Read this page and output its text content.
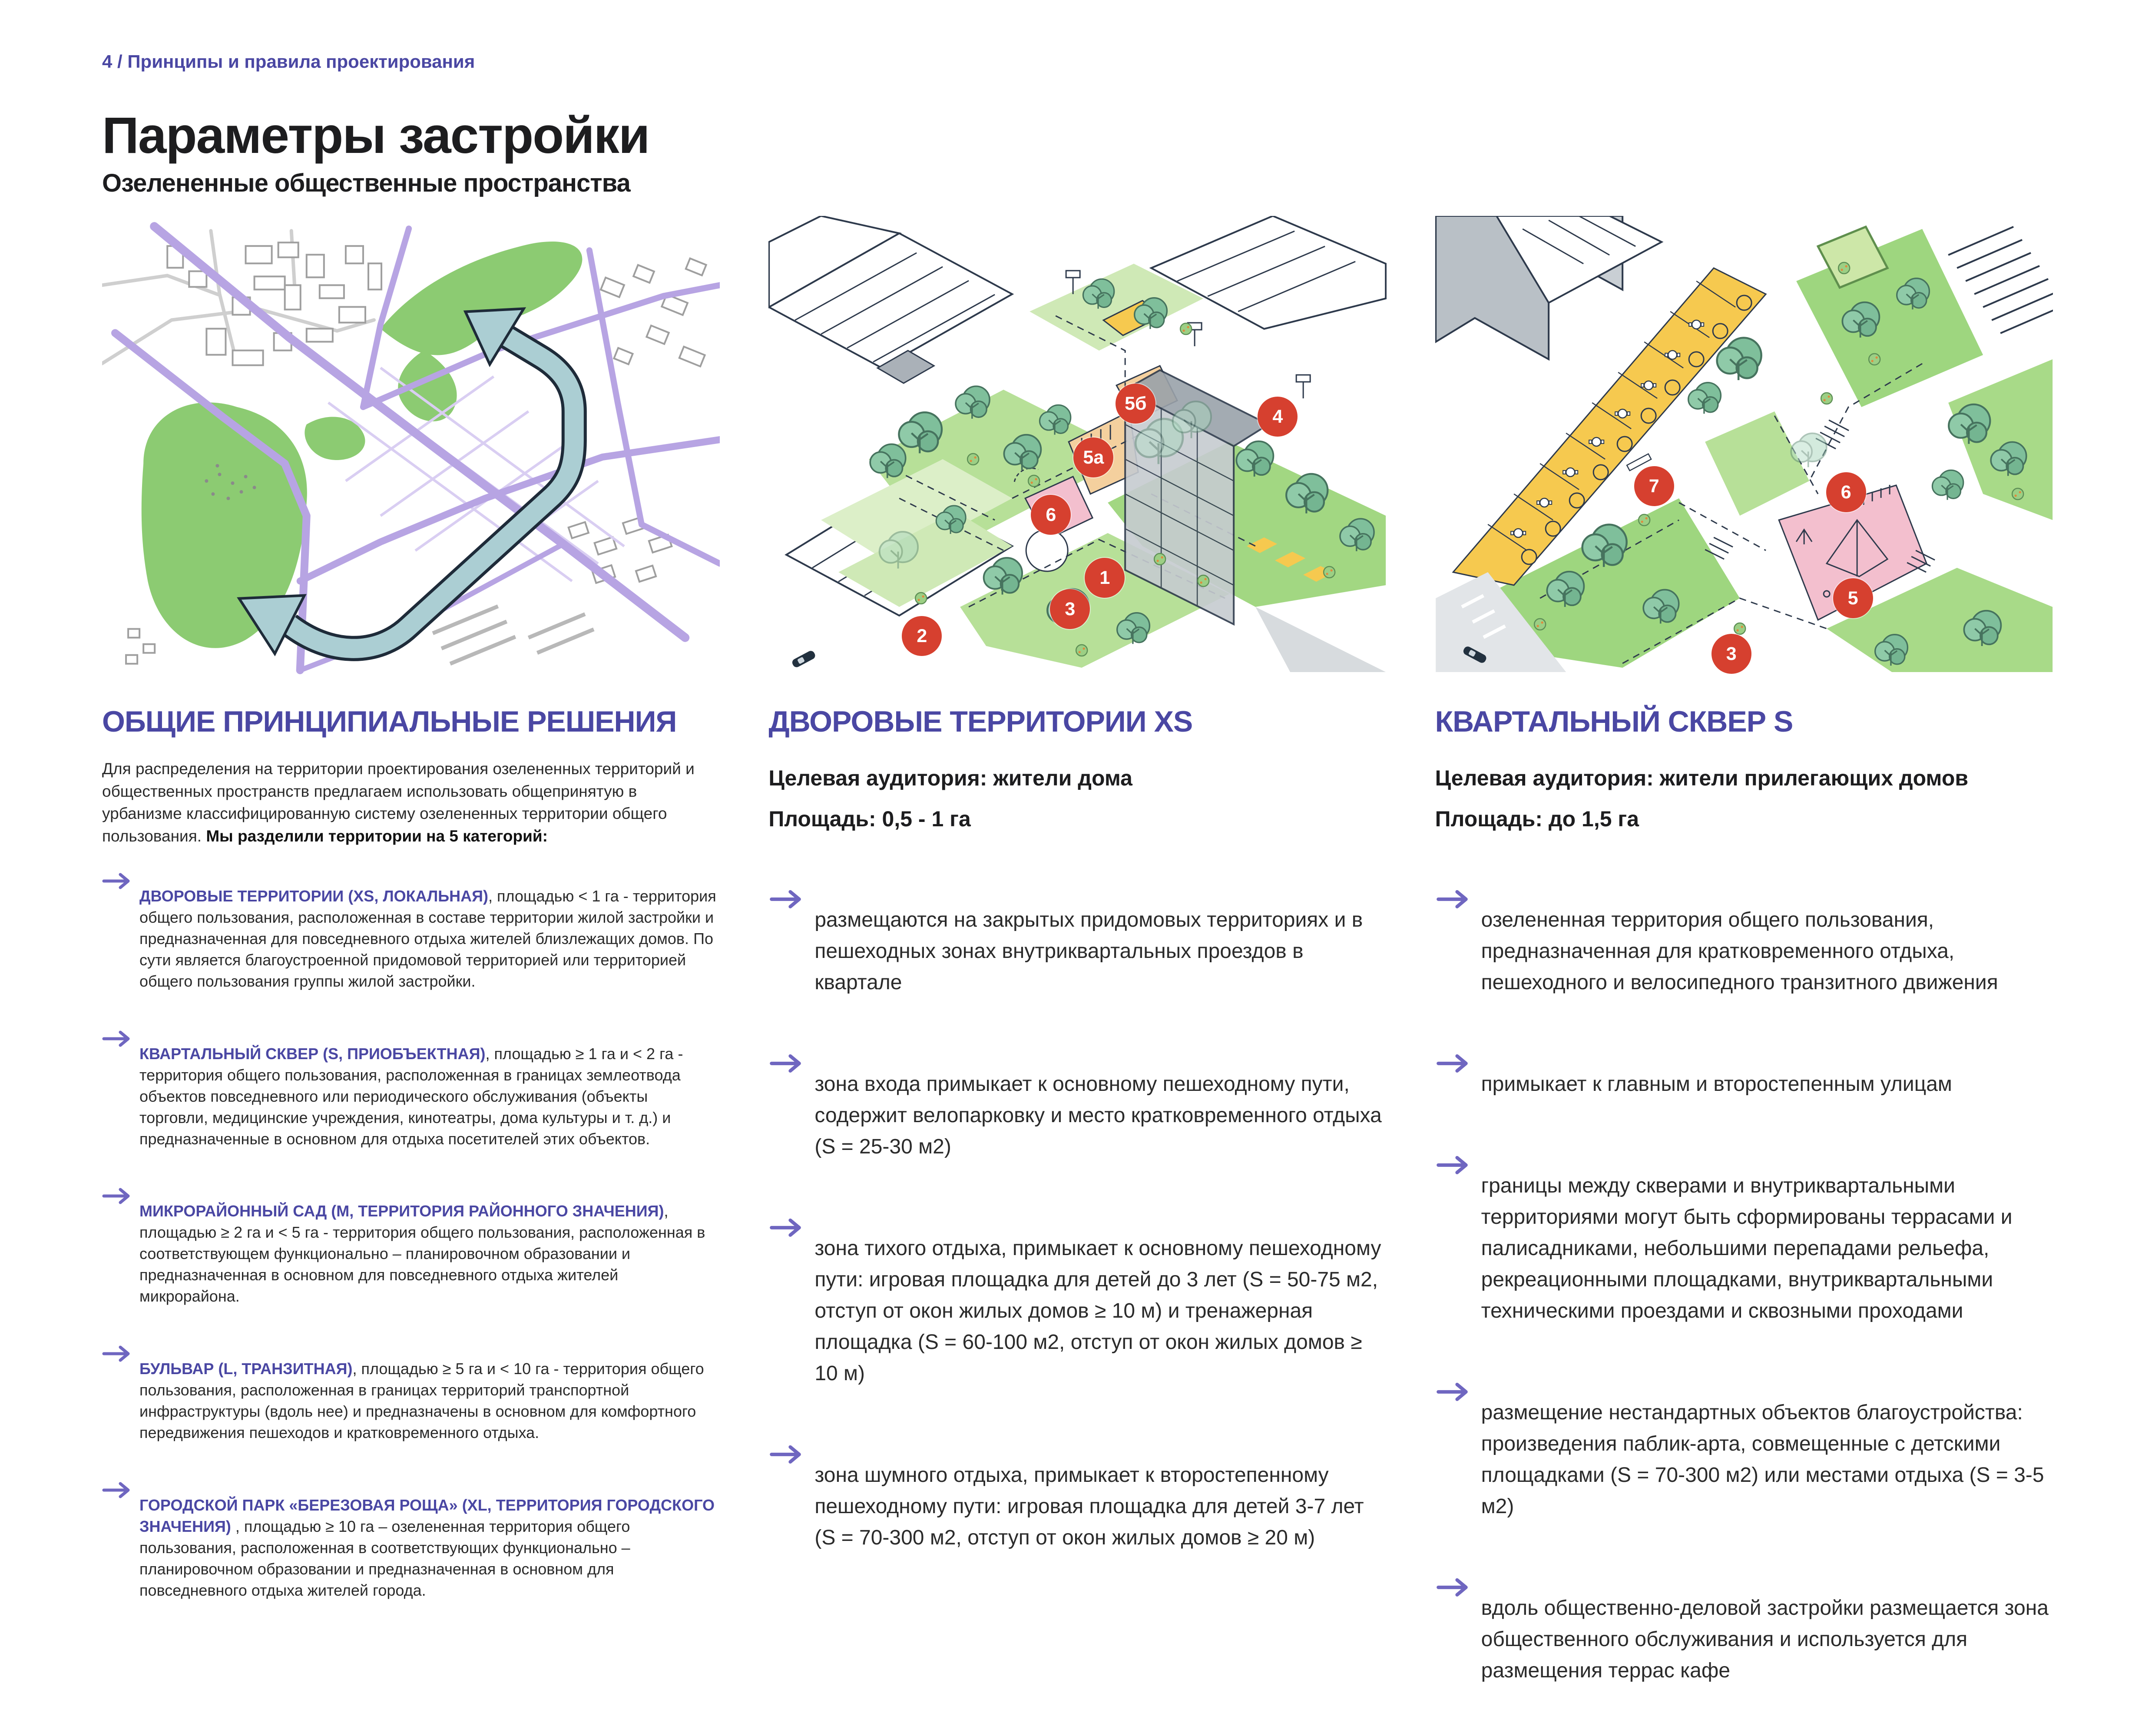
4 / Принципы и правила проектирования
Параметры застройки
Озелененные общественные пространства
ОБЩИЕ ПРИНЦИПИАЛЬНЫЕ РЕШЕНИЯ

Для распределения на территории проектирования озелененных территорий и общественных пространств предлагаем использовать общепринятую в урбанизме классифицированную систему озелененных территории общего пользования. Мы разделили территории на 5 категорий:

ДВОРОВЫЕ ТЕРРИТОРИИ (XS, ЛОКАЛЬНАЯ), площадью < 1 га - территория общего пользования, расположенная в составе территории жилой застройки и предназначенная для повседневного отдыха жителей близлежащих домов. По сути является благоустроенной придомовой территорией или территорией общего пользования группы жилой застройки.

КВАРТАЛЬНЫЙ СКВЕР (S, ПРИОБЪЕКТНАЯ), площадью ≥ 1 га и < 2 га - территория общего пользования, расположенная в границах землеотвода объектов повседневного или периодического обслуживания (объекты торговли, медицинские учреждения, кинотеатры, дома культуры и т. д.) и предназначенные в основном для отдыха посетителей этих объектов.

МИКРОРАЙОННЫЙ САД (М, ТЕРРИТОРИЯ РАЙОННОГО ЗНАЧЕНИЯ), площадью ≥ 2 га и < 5 га - территория общего пользования, расположенная в соответствующем функционально – планировочном образовании и предназначенная в основном для повседневного отдыха жителей микрорайона.

БУЛЬВАР (L, ТРАНЗИТНАЯ), площадью ≥ 5 га и < 10 га - территория общего пользования, расположенная в границах территорий транспортной инфраструктуры (вдоль нее) и предназначены в основном для комфортного передвижения пешеходов и кратковременного отдыха.

ГОРОДСКОЙ ПАРК «БЕРЕЗОВАЯ РОЩА» (XL, ТЕРРИТОРИЯ ГОРОДСКОГО ЗНАЧЕНИЯ) , площадью ≥ 10 га – озелененная территория общего пользования, расположенная в соответствующих функционально – планировочном образовании и предназначенная в основном для повседневного отдыха жителей города.

2
3
1
6
5a
5б
4
ДВОРОВЫЕ ТЕРРИТОРИИ XS
Целевая аудитория: жители дома
Площадь: 0,5 - 1 га

размещаются на закрытых придомовых территориях и в пешеходных зонах внутриквартальных проездов в квартале

зона входа примыкает к основному пешеходному пути, содержит велопарковку и место кратковременного отдыха (S = 25-30 м2)

зона тихого отдыха, примыкает к основному пешеходному пути: игровая площадка для детей до 3 лет (S = 50-75 м2, отступ от окон жилых домов ≥ 10 м) и тренажерная площадка (S = 60-100 м2, отступ от окон жилых домов ≥ 10 м)

зона шумного отдыха, примыкает к второстепенному пешеходному пути: игровая площадка для детей 3-7 лет (S = 70-300 м2, отступ от окон жилых домов ≥ 20 м)

7	6
5
3
КВАРТАЛЬНЫЙ СКВЕР S
Целевая аудитория: жители прилегающих домов
Площадь: до 1,5 га

озелененная территория общего пользования, предназначенная для кратковременного отдыха, пешеходного и велосипедного транзитного движения

примыкает к главным и второстепенным улицам

границы между скверами и внутриквартальными территориями могут быть сформированы террасами и палисадниками, небольшими перепадами рельефа, рекреационными площадками, внутриквартальными техническими проездами и сквозными проходами

размещение нестандартных объектов благоустройства: произведения паблик-арта, совмещенные с детскими площадками (S = 70-300 м2) или местами отдыха (S = 3-5 м2)

вдоль общественно-деловой застройки размещается зона общественного обслуживания и используется для размещения террас кафе
